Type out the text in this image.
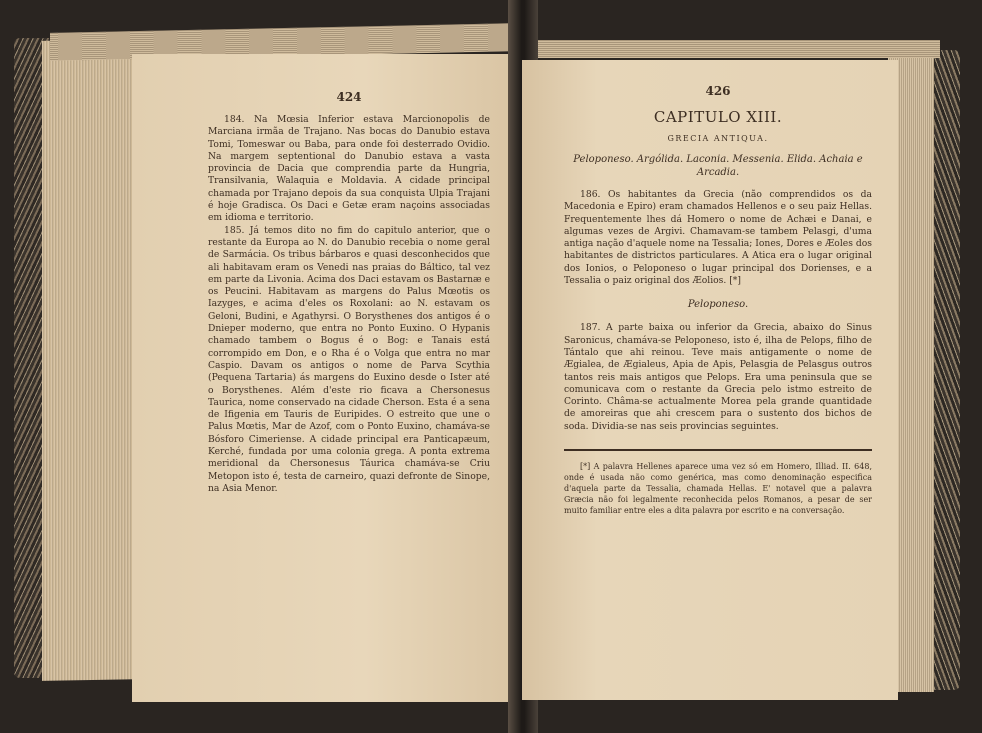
424

184. Na Mœsia Inferior estava Marcionopolis de Marciana irmãa de Trajano. Nas bocas do Danubio estava Tomi, Tomeswar ou Baba, para onde foi desterrado Ovidio. Na margem septentional do Danubio estava a vasta provincia de Dacia que comprendia parte da Hungria, Transilvania, Walaquia e Moldavia. A cidade principal chamada por Trajano depois da sua conquista Ulpia Trajani é hoje Gradisca. Os Daci e Getæ eram naçoins associadas em idioma e territorio.

185. Já temos dito no fim do capitulo anterior, que o restante da Europa ao N. do Danubio recebia o nome geral de Sarmácia. Os tribus bárbaros e quasi desconhecidos que ali habitavam eram os Venedi nas praias do Báltico, tal vez em parte da Livonia. Acima dos Daci estavam os Bastarnæ e os Peucini. Habitavam as margens do Palus Mœotis os Iazyges, e acima d'eles os Roxolani: ao N. estavam os Geloni, Budini, e Agathyrsi. O Borysthenes dos antigos é o Dnieper moderno, que entra no Ponto Euxino. O Hypanis chamado tambem o Bogus é o Bog: e Tanais está corrompido em Don, e o Rha é o Volga que entra no mar Caspio. Davam os antigos o nome de Parva Scythia (Pequena Tartaria) ás margens do Euxino desde o Ister até o Borysthenes. Além d'este rio ficava a Chersonesus Taurica, nome conservado na cidade Cherson. Esta é a sena de Ifigenia em Tauris de Euripides. O estreito que une o Palus Mœtis, Mar de Azof, com o Ponto Euxino, chamáva-se Bósforo Cimeriense. A cidade principal era Panticapæum, Kerché, fundada por uma colonia grega. A ponta extrema meridional da Chersonesus Táurica chamáva-se Criu Metopon isto é, testa de carneiro, quazi defronte de Sinope, na Asia Menor.

426
CAPITULO XIII.
GRECIA ANTIQUA.
Peloponeso. Argólida. Laconia. Messenia. Elida. Achaia e Arcadia.

186. Os habitantes da Grecia (não comprendidos os da Macedonia e Epiro) eram chamados Hellenos e o seu paiz Hellas. Frequentemente lhes dá Homero o nome de Achæi e Danai, e algumas vezes de Argivi. Chamavam-se tambem Pelasgi, d'uma antiga nação d'aquele nome na Tessalia; Iones, Dores e Æoles dos habitantes de districtos particulares. A Atica era o lugar original dos Ionios, o Peloponeso o lugar principal dos Dorienses, e a Tessalia o paiz original dos Æolios. [*]

Peloponeso.

187. A parte baixa ou inferior da Grecia, abaixo do Sinus Saronicus, chamáva-se Peloponeso, isto é, ilha de Pelops, filho de Tántalo que ahi reinou. Teve mais antigamente o nome de Ægialea, de Ægialeus, Apia de Apis, Pelasgia de Pelasgus outros tantos reis mais antigos que Pelops. Era uma peninsula que se comunicava com o restante da Grecia pelo istmo estreito de Corinto. Châma-se actualmente Morea pela grande quantidade de amoreiras que ahi crescem para o sustento dos bichos de soda. Dividia-se nas seis provincias seguintes.

[*] A palavra Hellenes aparece uma vez só em Homero, Illiad. II. 648, onde é usada não como genérica, mas como denominação especifica d'aquela parte da Tessalia, chamada Hellas. E' notavel que a palavra Græcia não foi legalmente reconhecida pelos Romanos, a pesar de ser muito familiar entre eles a dita palavra por escrito e na conversação.
